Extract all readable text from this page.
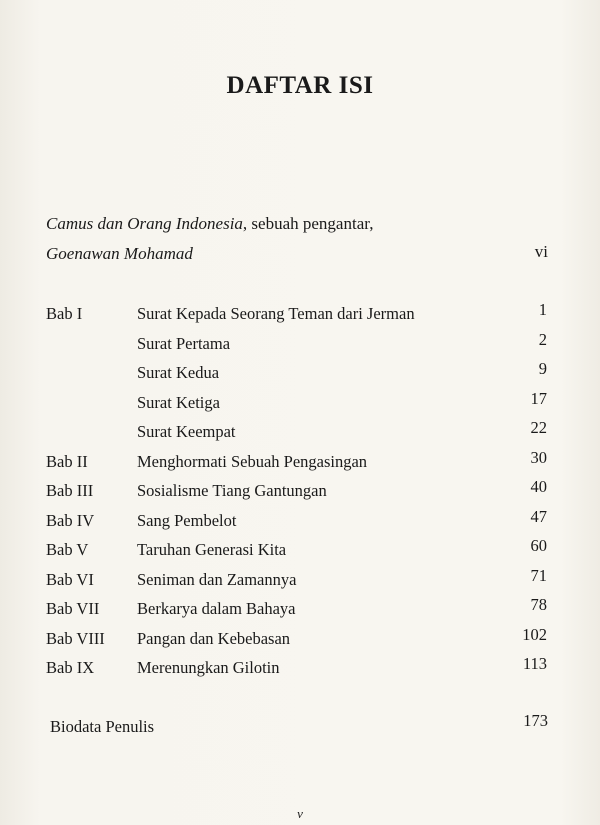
DAFTAR ISI
Camus dan Orang Indonesia, sebuah pengantar,
Goenawan Mohamad	vi
Bab I	Surat Kepada Seorang Teman dari Jerman	1
Surat Pertama	2
Surat Kedua	9
Surat Ketiga	17
Surat Keempat	22
Bab II	Menghormati Sebuah Pengasingan	30
Bab III	Sosialisme Tiang Gantungan	40
Bab IV	Sang Pembelot	47
Bab V	Taruhan Generasi Kita	60
Bab VI	Seniman dan Zamannya	71
Bab VII Berkarya dalam Bahaya	78
Bab VIII Pangan dan Kebebasan	102
Bab IX	Merenungkan Gilotin	113
Biodata Penulis	173
v
